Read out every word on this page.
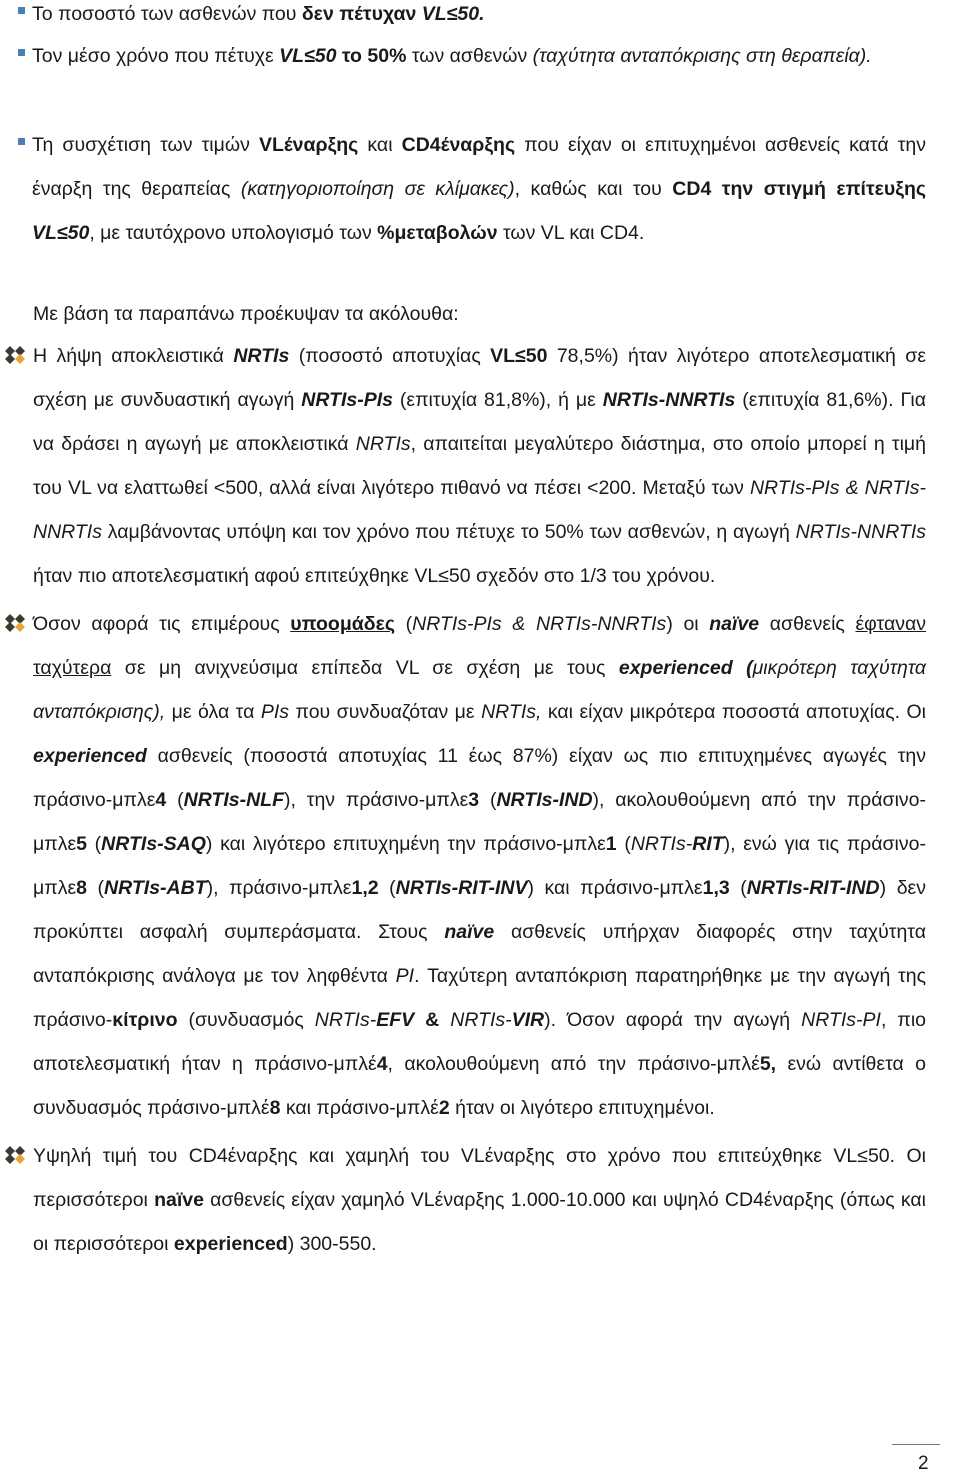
Το ποσοστό των ασθενών που δεν πέτυχαν VL≤50.
Τον μέσο χρόνο που πέτυχε VL≤50 το 50% των ασθενών (ταχύτητα ανταπόκρισης στη θεραπεία).
Τη συσχέτιση των τιμών VLέναρξης και CD4έναρξης που είχαν οι επιτυχημένοι ασθενείς κατά την έναρξη της θεραπείας (κατηγοριοποίηση σε κλίμακες), καθώς και του CD4 την στιγμή επίτευξης VL≤50, με ταυτόχρονο υπολογισμό των %μεταβολών των VL και CD4.

Με βάση τα παραπάνω προέκυψαν τα ακόλουθα:

Η λήψη αποκλειστικά NRTIs (ποσοστό αποτυχίας VL≤50 78,5%) ήταν λιγότερο αποτελεσματική σε σχέση με συνδυαστική αγωγή NRTIs-PIs (επιτυχία 81,8%), ή με NRTIs-NNRTIs (επιτυχία 81,6%). Για να δράσει η αγωγή με αποκλειστικά NRTIs, απαιτείται μεγαλύτερο διάστημα, στο οποίο μπορεί η τιμή του VL να ελαττωθεί <500, αλλά είναι λιγότερο πιθανό να πέσει <200. Μεταξύ των NRTIs-PIs & NRTIs-NNRTIs λαμβάνοντας υπόψη και τον χρόνο που πέτυχε το 50% των ασθενών, η αγωγή NRTIs-NNRTIs ήταν πιο αποτελεσματική αφού επιτεύχθηκε VL≤50 σχεδόν στο 1/3 του χρόνου.
Όσον αφορά τις επιμέρους υποομάδες (NRTIs-PIs & NRTIs-NNRTIs) οι naïve ασθενείς έφταναν ταχύτερα σε μη ανιχνεύσιμα επίπεδα VL σε σχέση με τους experienced (μικρότερη ταχύτητα ανταπόκρισης), με όλα τα PIs που συνδυαζόταν με NRTIs, και είχαν μικρότερα ποσοστά αποτυχίας. Οι experienced ασθενείς (ποσοστά αποτυχίας 11 έως 87%) είχαν ως πιο επιτυχημένες αγωγές την πράσινο-μπλε4 (NRTIs-NLF), την πράσινο-μπλε3 (NRTIs-IND), ακολουθούμενη από την πράσινο-μπλε5 (NRTIs-SAQ) και λιγότερο επιτυχημένη την πράσινο-μπλε1 (NRTIs-RIT), ενώ για τις πράσινο-μπλε8 (NRTIs-ABT), πράσινο-μπλε1,2 (NRTIs-RIT-INV) και πράσινο-μπλε1,3 (NRTIs-RIT-IND) δεν προκύπτει ασφαλή συμπεράσματα. Στους naïve ασθενείς υπήρχαν διαφορές στην ταχύτητα ανταπόκρισης ανάλογα με τον ληφθέντα PI. Ταχύτερη ανταπόκριση παρατηρήθηκε με την αγωγή της πράσινο-κίτρινο (συνδυασμός NRTIs-EFV & NRTIs-VIR). Όσον αφορά την αγωγή NRTIs-PI, πιο αποτελεσματική ήταν η πράσινο-μπλέ4, ακολουθούμενη από την πράσινο-μπλέ5, ενώ αντίθετα ο συνδυασμός πράσινο-μπλέ8 και πράσινο-μπλέ2 ήταν οι λιγότερο επιτυχημένοι.
Υψηλή τιμή του CD4έναρξης και χαμηλή του VLέναρξης στο χρόνο που επιτεύχθηκε VL≤50. Οι περισσότεροι naïve ασθενείς είχαν χαμηλό VLέναρξης 1.000-10.000 και υψηλό CD4έναρξης (όπως και οι περισσότεροι experienced) 300-550.
2
